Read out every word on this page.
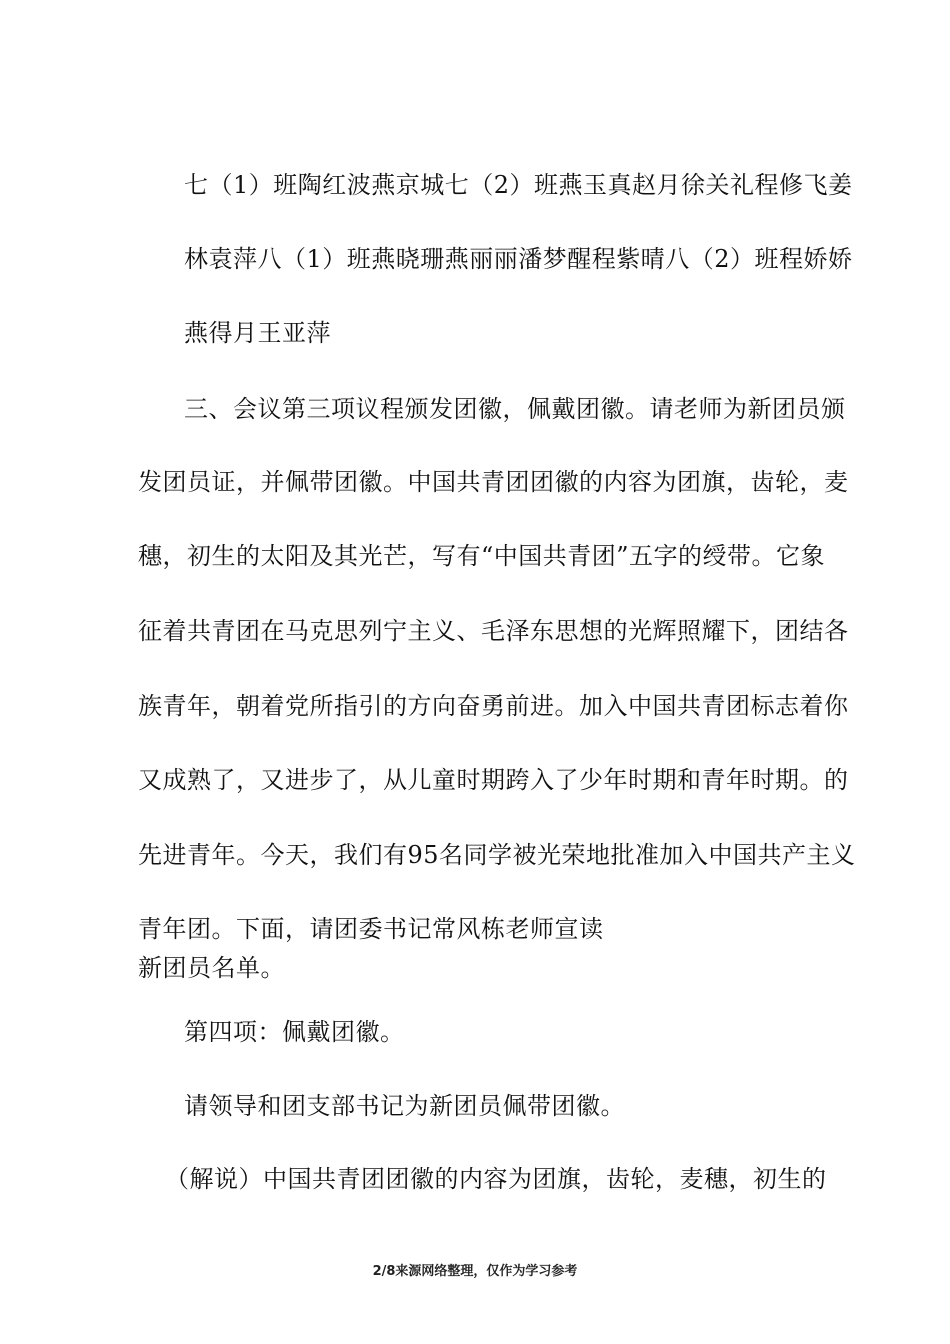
七（1）班陶红波燕京城七（2）班燕玉真赵月徐关礼程修飞姜
林袁萍八（1）班燕晓珊燕丽丽潘梦醒程紫晴八（2）班程娇娇
燕得月王亚萍
三、会议第三项议程颁发团徽，佩戴团徽。请老师为新团员颁
发团员证，并佩带团徽。中国共青团团徽的内容为团旗，齿轮，麦
穗，初生的太阳及其光芒，写有“中国共青团”五字的绶带。它象
征着共青团在马克思列宁主义、毛泽东思想的光辉照耀下，团结各
族青年，朝着党所指引的方向奋勇前进。加入中国共青团标志着你
又成熟了，又进步了，从儿童时期跨入了少年时期和青年时期。的
先进青年。今天，我们有95名同学被光荣地批准加入中国共产主义
青年团。下面，请团委书记常风栋老师宣读
新团员名单。
第四项：佩戴团徽。
请领导和团支部书记为新团员佩带团徽。
（解说）中国共青团团徽的内容为团旗，齿轮，麦穗，初生的
2/8来源网络整理，仅作为学习参考
